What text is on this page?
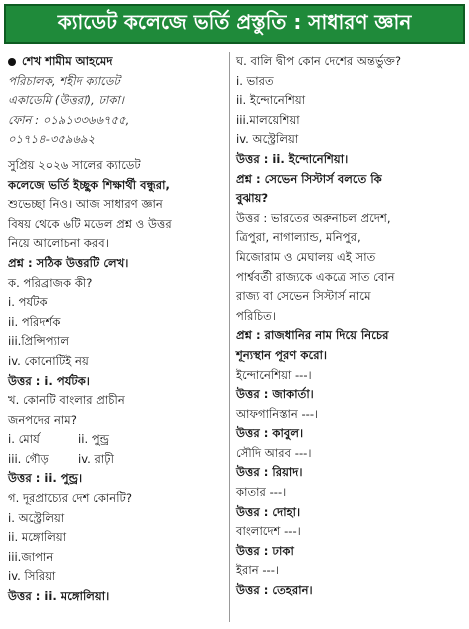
ক্যাডেট কলেজে ভর্তি প্রস্তুতি : সাধারণ জ্ঞান
শেখ শামীম আহমেদ
পরিচালক, শহীদ ক্যাডেট
একাডেমি (উত্তরা), ঢাকা।
ফোন : ০১৯১৩৩৬৬৭৫৫,
০১৭১৪-৩৫৯৬৯২
সুপ্রিয় ২০২৬ সালের ক্যাডেট
কলেজে ভর্তি ইচ্ছুক শিক্ষার্থী বন্ধুরা,
শুভেচ্ছা নিও। আজ সাধারণ জ্ঞান
বিষয় থেকে ৬টি মডেল প্রশ্ন ও উত্তর
নিয়ে আলোচনা করব।
প্রশ্ন : সঠিক উত্তরটি লেখ।
ক. পরিব্রাজক কী?
i. পর্যটক
ii. পরিদর্শক
iii.প্রিন্সিপ্যাল
iv. কোনোটিই নয়
উত্তর : i. পর্যটক।
খ. কোনটি বাংলার প্রাচীন
জনপদের নাম?
i. মোর্য	ii. পুন্ড্র
iii. গৌড়	iv. রাঢ়ী
উত্তর : ii. পুন্ড্র।
গ. দূরপ্রাচ্যের দেশ কোনটি?
i. অস্ট্রেলিয়া
ii. মঙ্গোলিয়া
iii.জাপান
iv. সিরিয়া
উত্তর : ii. মঙ্গোলিয়া।
ঘ. বালি দ্বীপ কোন দেশের অন্তর্ভুক্ত?
i. ভারত
ii. ইন্দোনেশিয়া
iii.মালয়েশিয়া
iv. অস্ট্রেলিয়া
উত্তর : ii. ইন্দোনেশিয়া।
প্রশ্ন : সেভেন সিস্টার্স বলতে কি
বুঝায়?
উত্তর : ভারতের অরুনাচল প্রদেশ,
ত্রিপুরা, নাগাল্যান্ড, মনিপুর,
মিজোরাম ও মেঘালয় এই সাত
পার্শ্ববর্তী রাজ্যকে একত্রে সাত বোন
রাজ্য বা সেভেন সিস্টার্স নামে
পরিচিত।
প্রশ্ন : রাজধানির নাম দিয়ে নিচের
শূন্যস্থান পূরণ করো।
ইন্দোনেশিয়া ---।
উত্তর : জাকার্তা।
আফগানিস্তান ---।
উত্তর : কাবুল।
সৌদি আরব ---।
উত্তর : রিয়াদ।
কাতার ---।
উত্তর : দোহা।
বাংলাদেশ ---।
উত্তর : ঢাকা
ইরান ---।
উত্তর : তেহরান।
